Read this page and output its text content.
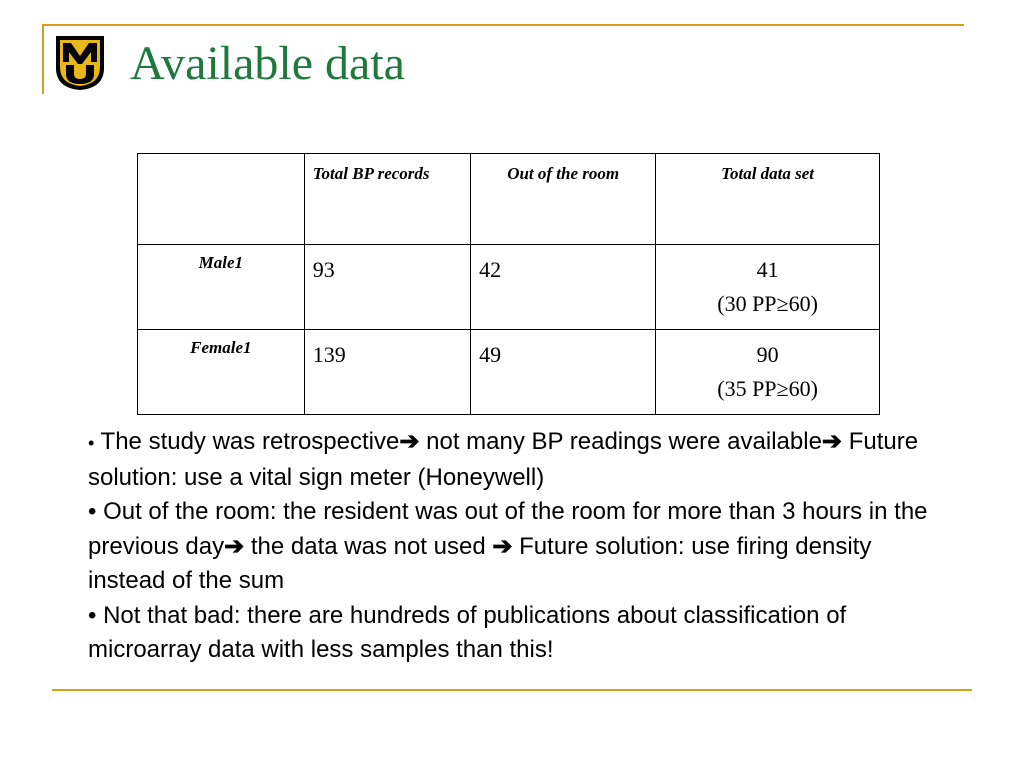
Available data
	Total BP records	Out of the room	Total data set
Male1	93	42	41
(30 PP≥60)

Female1	139	49	90
(35 PP≥60)

• The study was retrospective➔ not many BP readings were available➔ Future solution: use a vital sign meter (Honeywell)

• Out of the room: the resident was out of the room for more than 3 hours in the previous day➔ the data was not used ➔ Future solution: use firing density instead of the sum

• Not that bad: there are hundreds of publications about classification of microarray data with less samples than this!
